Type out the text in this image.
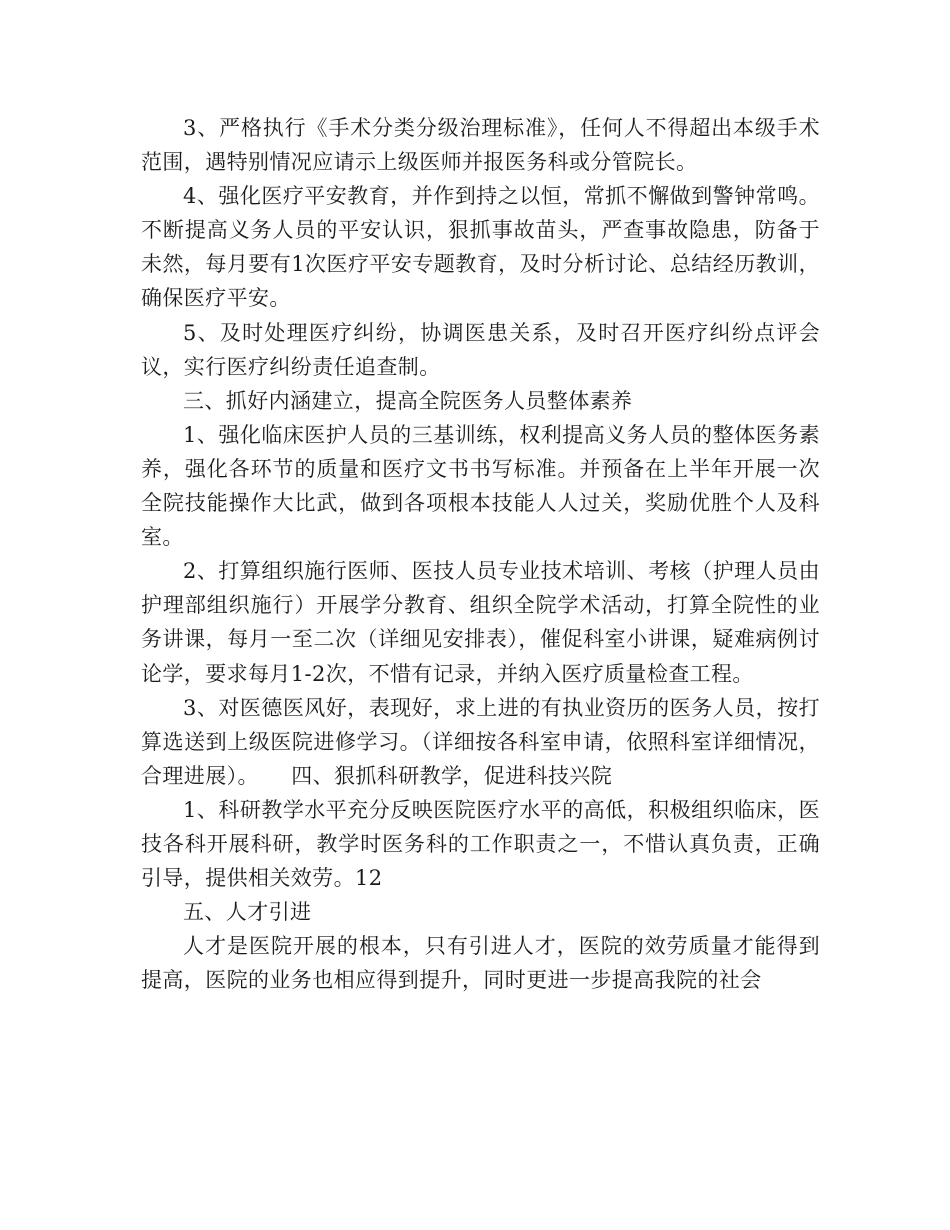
3、严格执行《手术分类分级治理标准》，任何人不得超出本级手术范围，遇特别情况应请示上级医师并报医务科或分管院长。

4、强化医疗平安教育，并作到持之以恒，常抓不懈做到警钟常鸣。不断提高义务人员的平安认识，狠抓事故苗头，严查事故隐患，防备于未然，每月要有1次医疗平安专题教育，及时分析讨论、总结经历教训，确保医疗平安。

5、及时处理医疗纠纷，协调医患关系，及时召开医疗纠纷点评会议，实行医疗纠纷责任追查制。

三、抓好内涵建立，提高全院医务人员整体素养

1、强化临床医护人员的三基训练，权利提高义务人员的整体医务素养，强化各环节的质量和医疗文书书写标准。并预备在上半年开展一次全院技能操作大比武，做到各项根本技能人人过关，奖励优胜个人及科室。

2、打算组织施行医师、医技人员专业技术培训、考核（护理人员由护理部组织施行）开展学分教育、组织全院学术活动，打算全院性的业务讲课，每月一至二次（详细见安排表），催促科室小讲课，疑难病例讨论学，要求每月1-2次，不惜有记录，并纳入医疗质量检查工程。

3、对医德医风好，表现好，求上进的有执业资历的医务人员，按打算选送到上级医院进修学习。（详细按各科室申请，依照科室详细情况，合理进展）。　　四、狠抓科研教学，促进科技兴院

1、科研教学水平充分反映医院医疗水平的高低，积极组织临床，医技各科开展科研，教学时医务科的工作职责之一，不惜认真负责，正确引导，提供相关效劳。12

五、人才引进

人才是医院开展的根本，只有引进人才，医院的效劳质量才能得到提高，医院的业务也相应得到提升，同时更进一步提高我院的社会
